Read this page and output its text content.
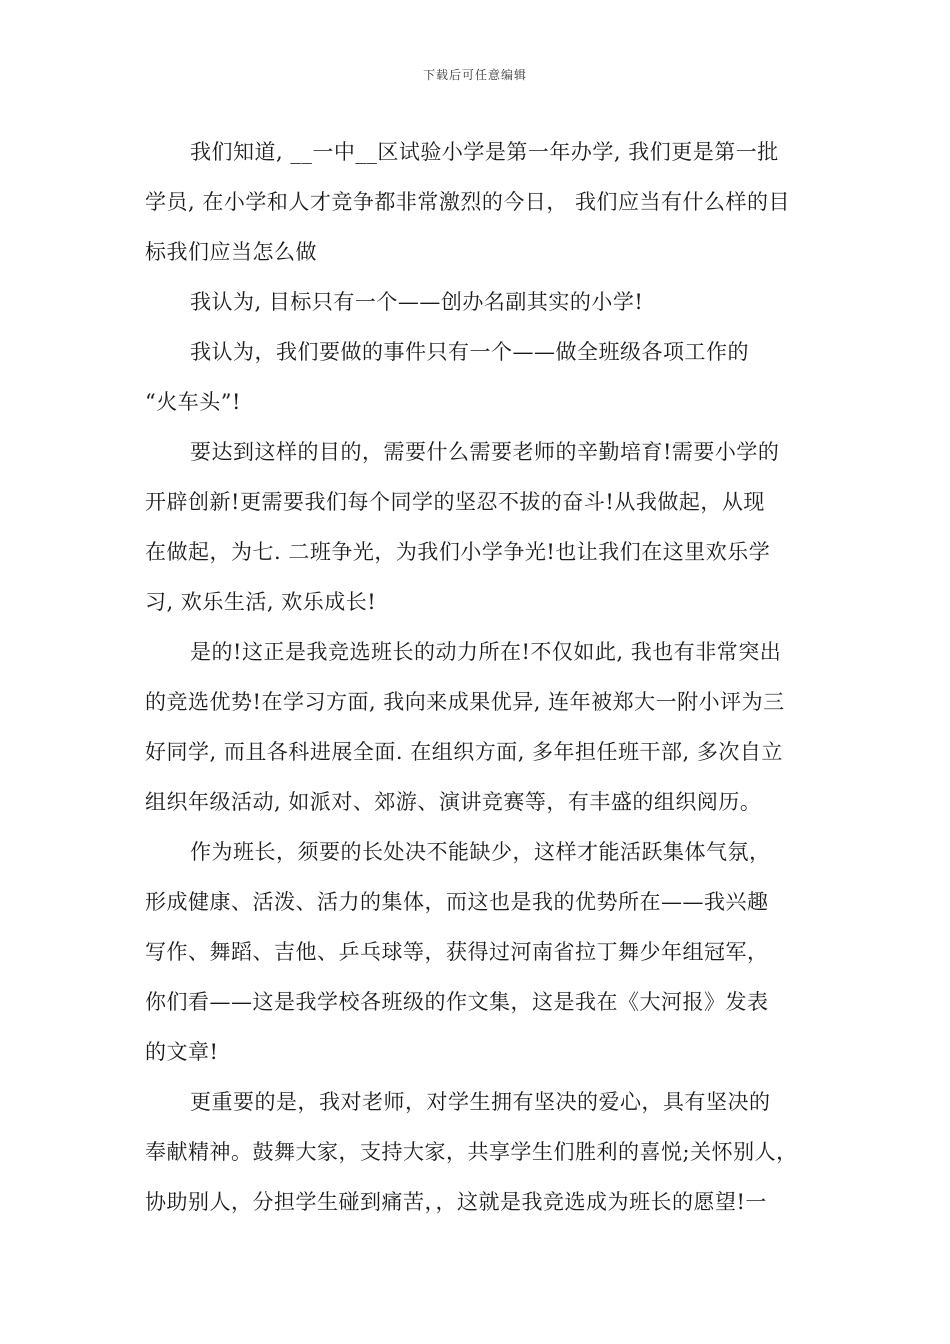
下载后可任意编辑
我们知道, __一中__区试验小学是第一年办学, 我们更是第一批
学员, 在小学和人才竞争都非常激烈的今日， 我们应当有什么样的目
标我们应当怎么做
我认为, 目标只有一个——创办名副其实的小学!
我认为，我们要做的事件只有一个——做全班级各项工作的
“火车头”!
要达到这样的目的，需要什么需要老师的辛勤培育!需要小学的
开辟创新!更需要我们每个同学的坚忍不拔的奋斗!从我做起，从现
在做起，为七. 二班争光，为我们小学争光!也让我们在这里欢乐学
习, 欢乐生活, 欢乐成长!
是的!这正是我竞选班长的动力所在!不仅如此, 我也有非常突出
的竞选优势!在学习方面, 我向来成果优异, 连年被郑大一附小评为三
好同学, 而且各科进展全面. 在组织方面, 多年担任班干部, 多次自立
组织年级活动, 如派对、郊游、演讲竞赛等，有丰盛的组织阅历。
作为班长，须要的长处决不能缺少，这样才能活跃集体气氛，
形成健康、活泼、活力的集体，而这也是我的优势所在——我兴趣
写作、舞蹈、吉他、乒乓球等，获得过河南省拉丁舞少年组冠军，
你们看——这是我学校各班级的作文集，这是我在《大河报》发表
的文章!
更重要的是，我对老师，对学生拥有坚决的爱心，具有坚决的
奉献精神。鼓舞大家，支持大家，共享学生们胜利的喜悦;关怀别人，
协助别人，分担学生碰到痛苦，，这就是我竞选成为班长的愿望!一
